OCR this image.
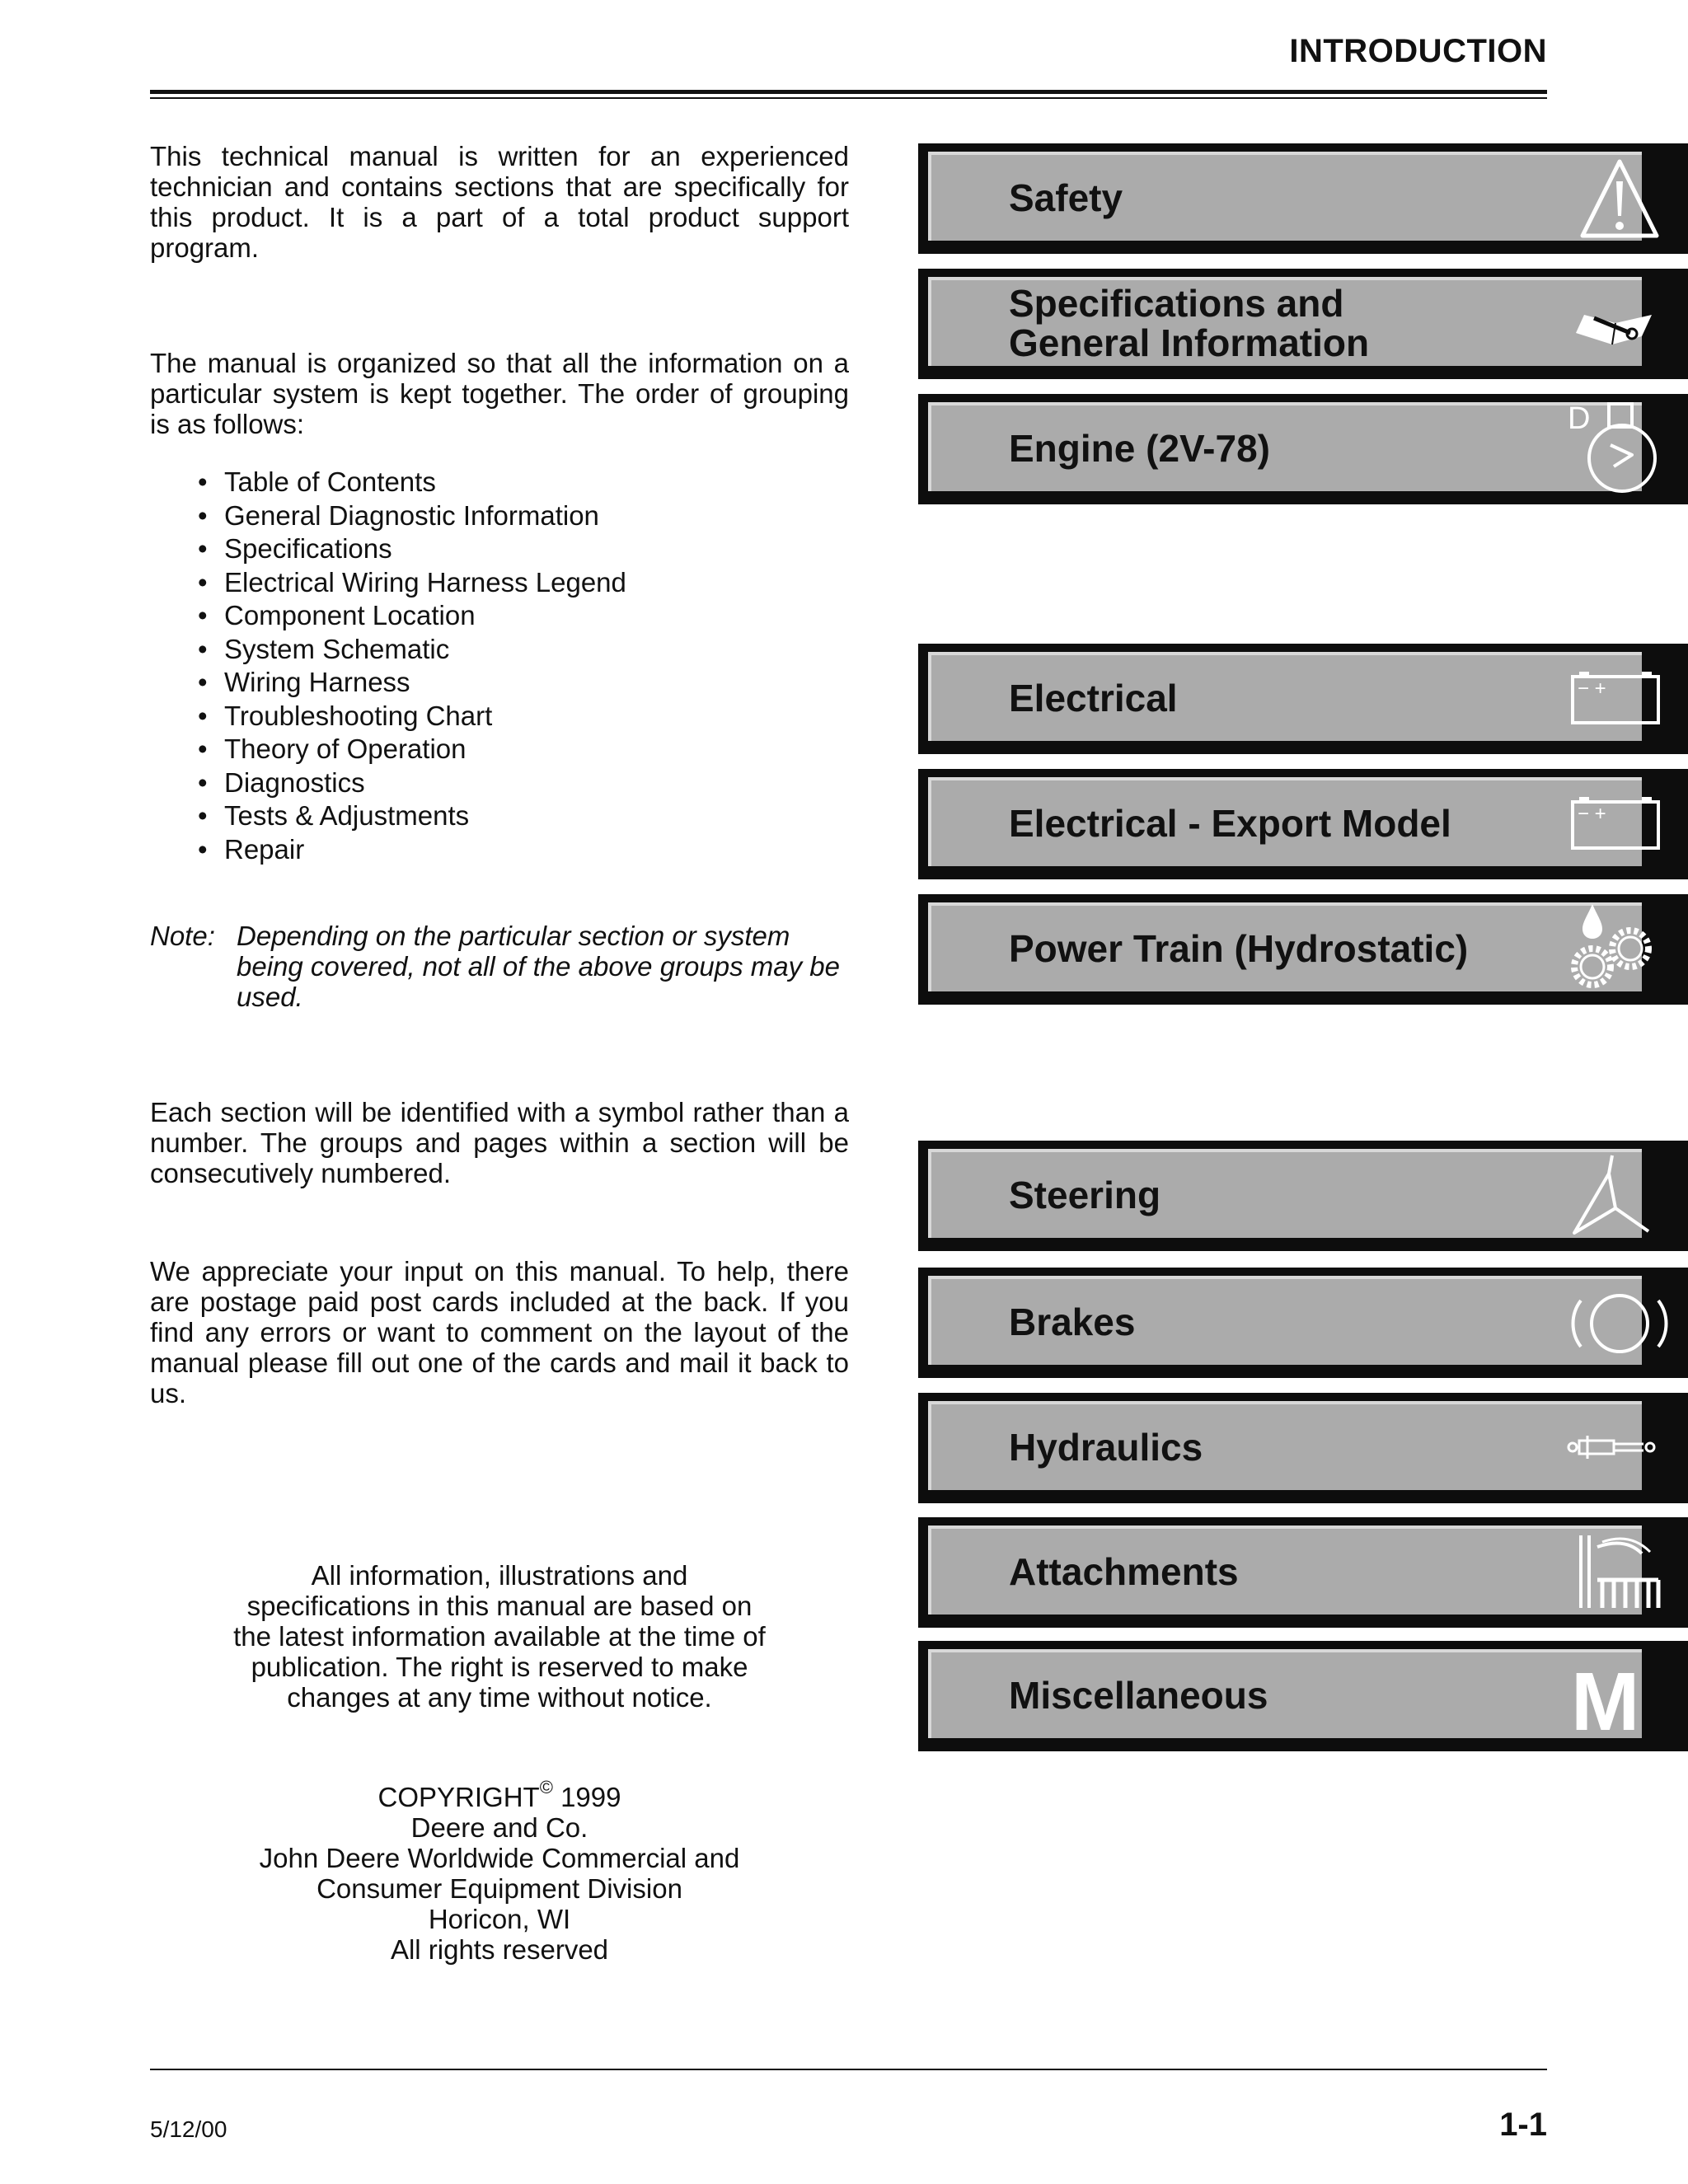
INTRODUCTION

This technical manual is written for an experienced technician and contains sections that are specifically for this product. It is a part of a total product support program.

The manual is organized so that all the information on a particular system is kept together. The order of grouping is as follows:

• Table of Contents
• General Diagnostic Information
• Specifications
• Electrical Wiring Harness Legend
• Component Location
• System Schematic
• Wiring Harness
• Troubleshooting Chart
• Theory of Operation
• Diagnostics
• Tests & Adjustments
• Repair
Note: Depending on the particular section or system being covered, not all of the above groups may be used.

Each section will be identified with a symbol rather than a number. The groups and pages within a section will be consecutively numbered.

We appreciate your input on this manual. To help, there are postage paid post cards included at the back. If you find any errors or want to comment on the layout of the manual please fill out one of the cards and mail it back to us.

All information, illustrations and
specifications in this manual are based on
the latest information available at the time of
publication. The right is reserved to make
changes at any time without notice.
COPYRIGHT© 1999
Deere and Co.
John Deere Worldwide Commercial and
Consumer Equipment Division
Horicon, WI
All rights reserved
Safety
Specifications and
General Information
Engine (2V-78)
D
Electrical	− +
Electrical - Export Model	− +
Power Train (Hydrostatic)
Steering
Brakes
Hydraulics
Attachments
Miscellaneous	M
5/12/00	1-1
